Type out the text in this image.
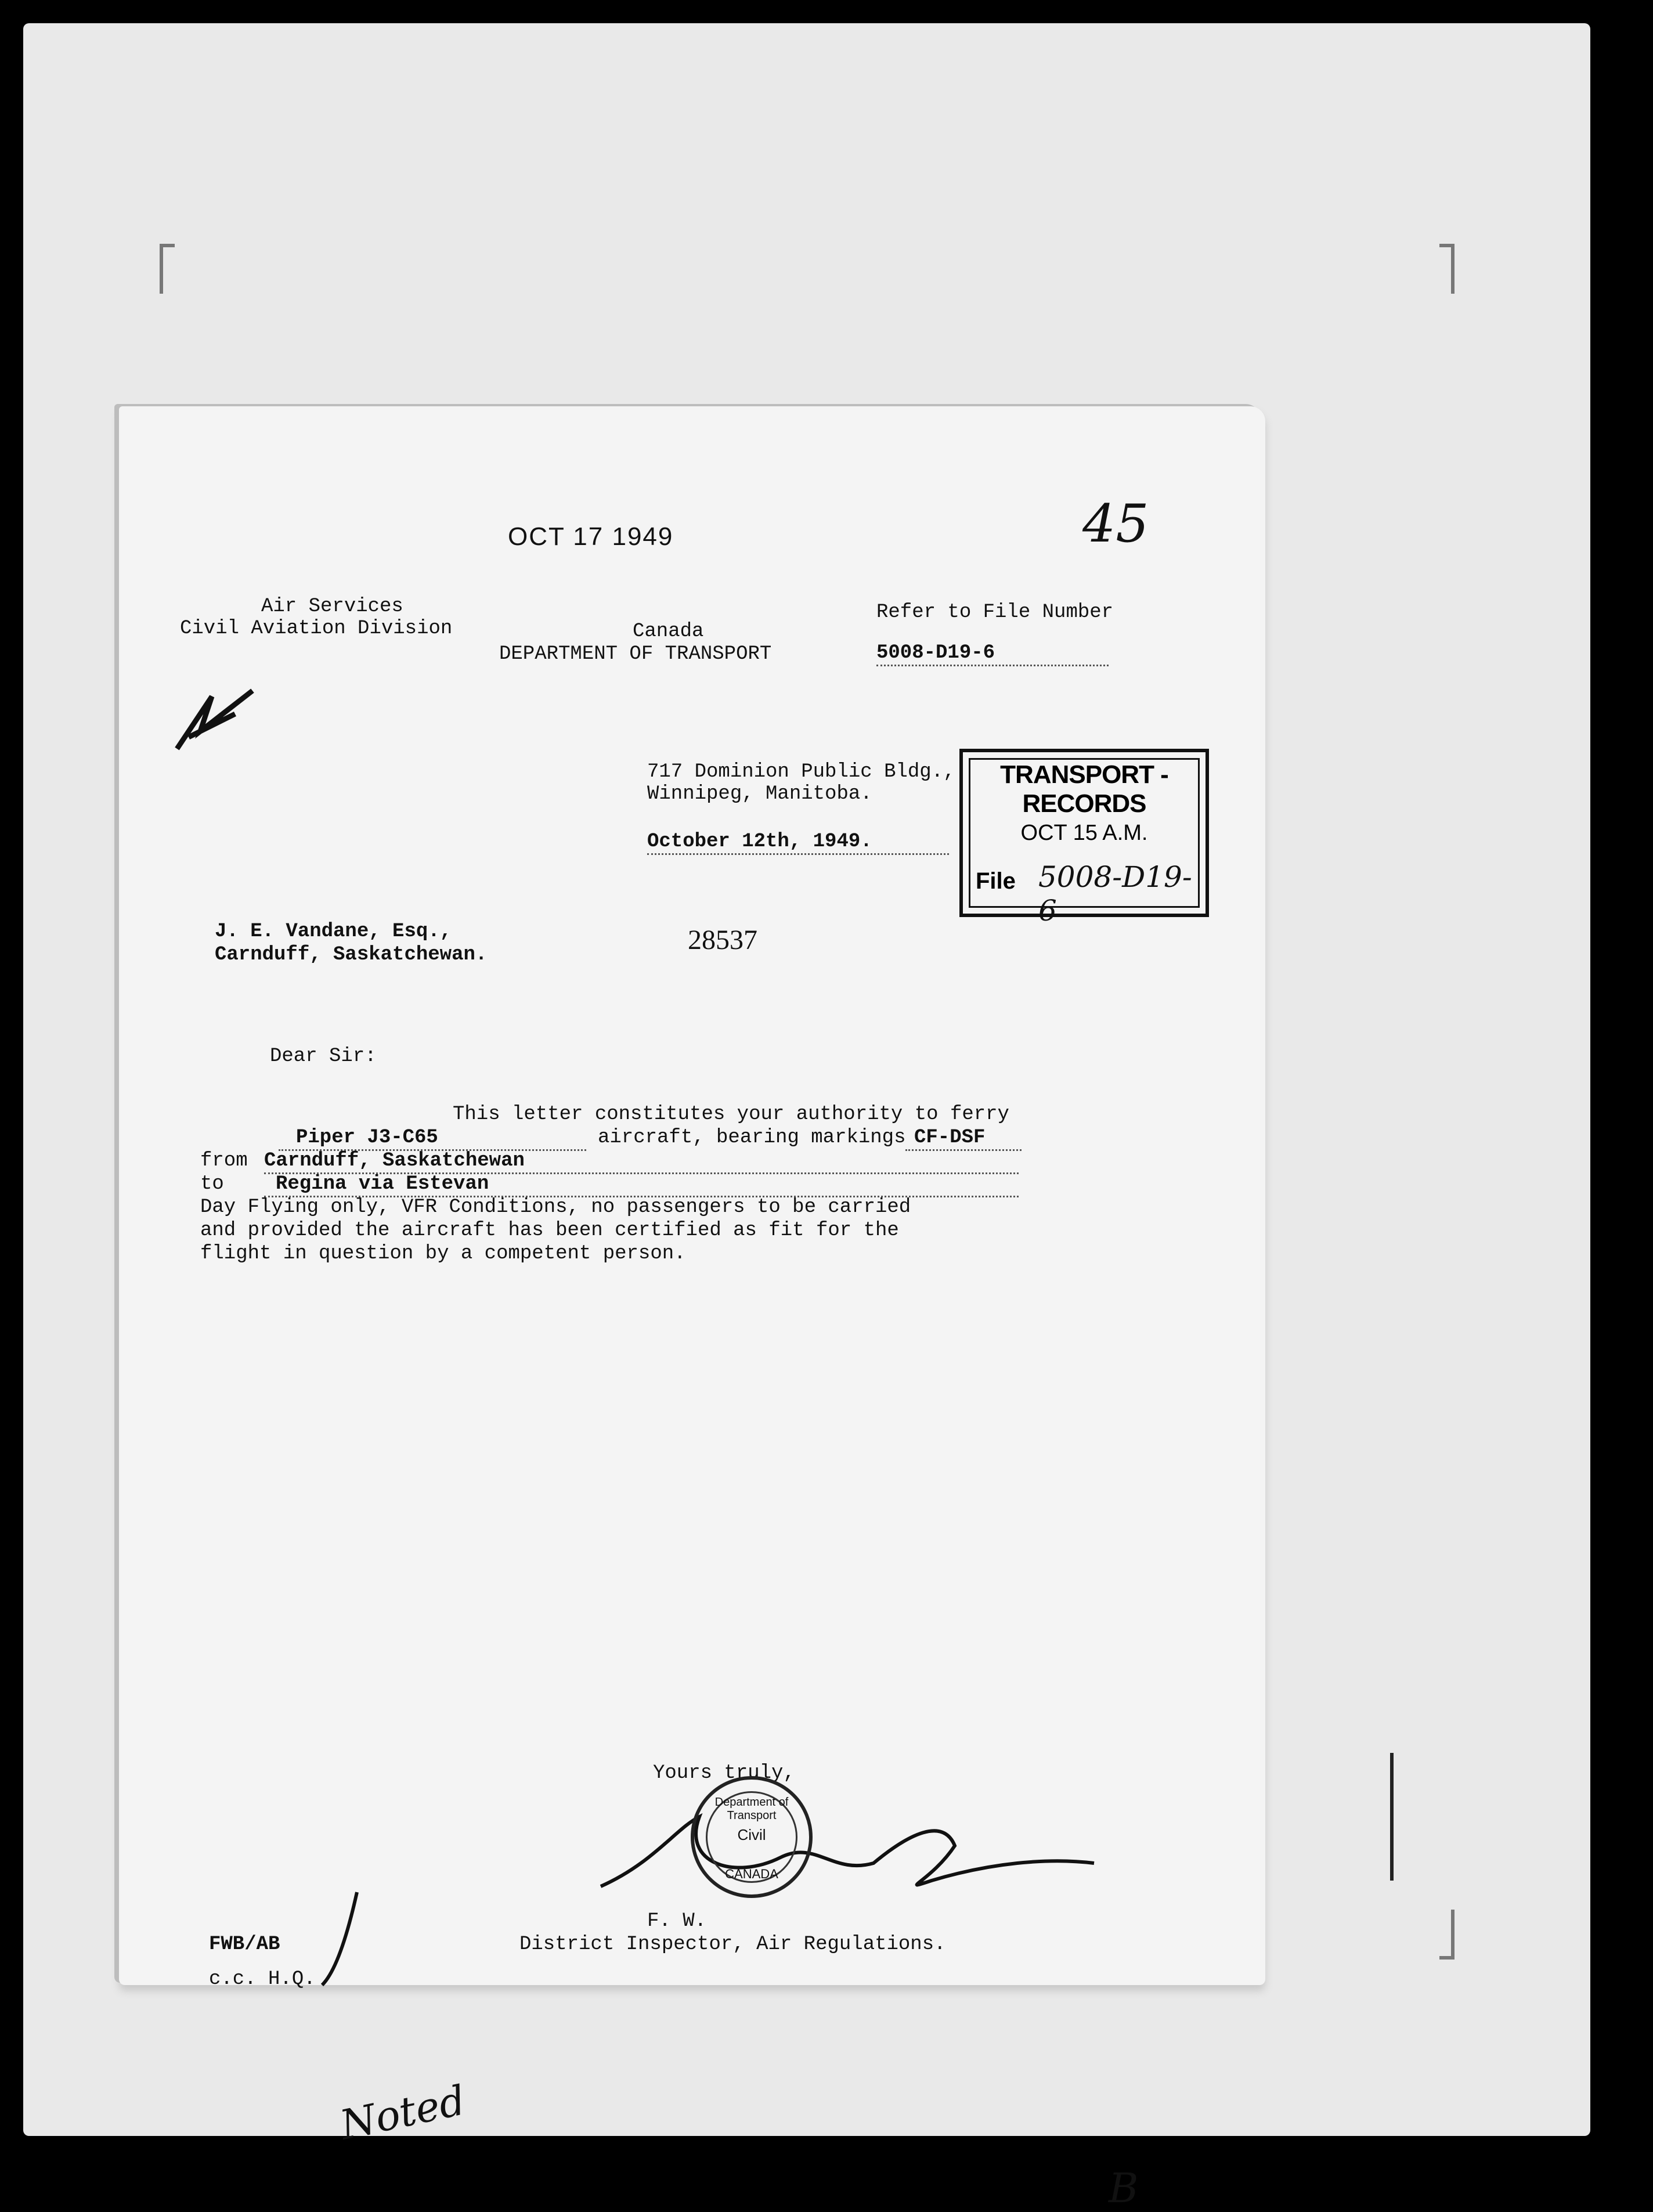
OCT 17 1949	45
Air Services
Civil Aviation Division	Canada
DEPARTMENT OF TRANSPORT
Refer to File Number
5008-D19-6
717 Dominion Public Bldg.,
Winnipeg, Manitoba.
October 12th, 1949.
TRANSPORT - RECORDS
OCT 15 A.M.
File 5008-D19-6
J. E. Vandane, Esq.,
Carnduff, Saskatchewan.	28537
Dear Sir:
This letter constitutes your authority to ferry
Piper J3-C65	aircraft, bearing markings CF-DSF
from Carnduff, Saskatchewan
to	Regina via Estevan
Day Flying only, VFR Conditions, no passengers to be carried
and provided the aircraft has been certified as fit for the
flight in question by a competent person.
Yours truly,
Department of Transport
Civil
CANADA
F. W.
District Inspector, Air Regulations.
FWB/AB
c.c. H.Q.
Noted
B
